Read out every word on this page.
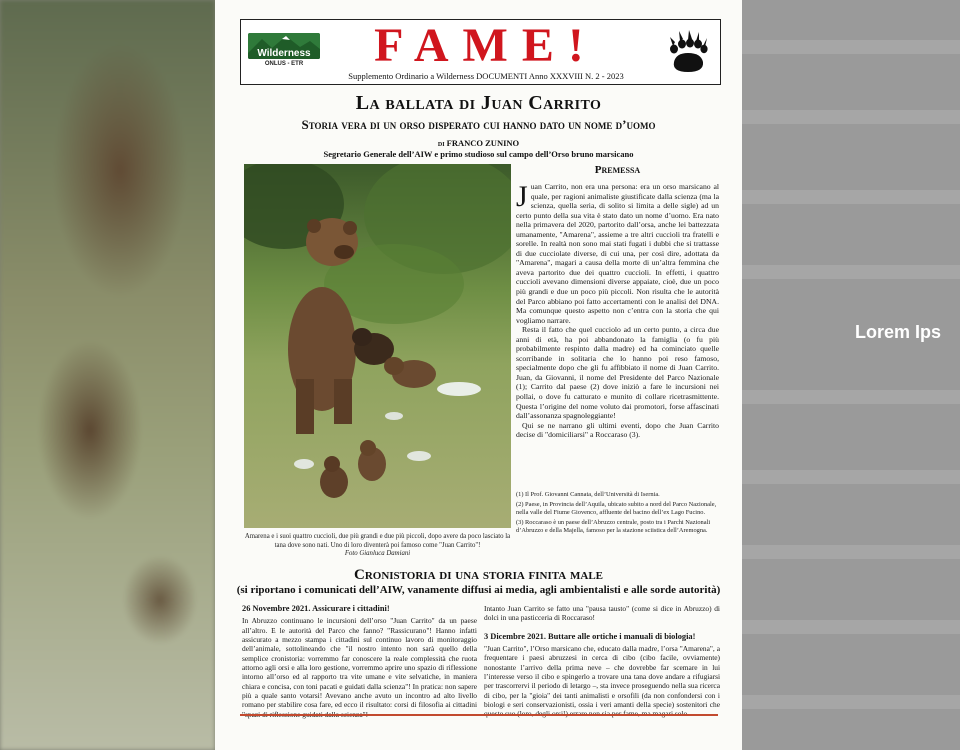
Lorem Ips
Wilderness
ONLUS - ETR	FAME!
Supplemento Ordinario a Wilderness DOCUMENTI Anno XXXVIII N. 2 - 2023
La ballata di Juan Carrito
Storia vera di un orso disperato cui hanno dato un nome d’uomo
di FRANCO ZUNINO
Segretario Generale dell’AIW e primo studioso sul campo dell’Orso bruno marsicano
Amarena e i suoi quattro cuccioli, due più grandi e due più piccoli, dopo avere da poco lasciato la tana dove sono nati. Uno di loro diventerà poi famoso come "Juan Carrito"!
Foto Gianluca Damiani
Premessa

Juan Carrito, non era una persona: era un orso marsicano al quale, per ragioni animaliste giustificate dalla scienza (ma la scienza, quella seria, di solito si limita a delle sigle) ad un certo punto della sua vita è stato dato un nome d’uomo. Era nato nella primavera del 2020, partorito dall’orsa, anche lei battezzata umanamente, "Amarena", assieme a tre altri cuccioli tra fratelli e sorelle. In realtà non sono mai stati fugati i dubbi che si trattasse di due cucciolate diverse, di cui una, per così dire, adottata da "Amarena", magari a causa della morte di un’altra femmina che aveva partorito due dei quattro cuccioli. In effetti, i quattro cuccioli avevano dimensioni diverse appaiate, cioè, due un poco più grandi e due un poco più piccoli. Non risulta che le autorità del Parco abbiano poi fatto accertamenti con le analisi del DNA. Ma comunque questo aspetto non c’entra con la storia che qui vogliamo narrare.

Resta il fatto che quel cucciolo ad un certo punto, a circa due anni di età, ha poi abbandonato la famiglia (o fu più probabilmente respinto dalla madre) ed ha cominciato quelle scorribande in solitaria che lo hanno poi reso famoso, specialmente dopo che gli fu affibbiato il nome di Juan Carrito. Juan, da Giovanni, il nome del Presidente del Parco Nazionale (1); Carrito dal paese (2) dove iniziò a fare le incursioni nei pollai, o dove fu catturato e munito di collare ricetrasmittente. Questa l’origine del nome voluto dai promotori, forse affascinati dall’assonanza spagnoleggiante!

Qui se ne narrano gli ultimi eventi, dopo che Juan Carrito decise di "domiciliarsi" a Roccaraso (3).

(1) Il Prof. Giovanni Cannata, dell’Università di Isernia.
(2) Paese, in Provincia dell’Aquila, ubicato subito a nord del Parco Nazionale, nella valle del Fiume Giovenco, affluente del bacino dell’ex Lago Fucino.
(3) Roccaraso è un paese dell’Abruzzo centrale, posto tra i Parchi Nazionali d’Abruzzo e della Majella, famoso per la stazione sciistica dell’Aremogna.
Cronistoria di una storia finita male
(si riportano i comunicati dell’AIW, vanamente diffusi ai media, agli ambientalisti e alle sorde autorità)
26 Novembre 2021. Assicurare i cittadini!

In Abruzzo continuano le incursioni dell’orso "Juan Carrito" da un paese all’altro. E le autorità del Parco che fanno? "Rassicurano"! Hanno infatti assicurato a mezzo stampa i cittadini sul continuo lavoro di monitoraggio dell’animale, sottolineando che "il nostro intento non sarà quello della semplice cronistoria: vorremmo far conoscere la reale complessità che ruota attorno agli orsi e alla loro gestione, vorremmo aprire uno spazio di riflessione intorno all’orso ed al rapporto tra vite umane e vite selvatiche, in maniera chiara e concisa, con toni pacati e guidati dalla scienza"! In pratica: non sapere più a quale santo votarsi! Avevano anche avuto un incontro ad alto livello romano per stabilire cosa fare, ed ecco il risultato: corsi di filosofia ai cittadini

Intanto Juan Carrito se fatto una "pausa tausto" (come si dice in Abruzzo) di dolci in una pasticceria di Roccaraso!

3 Dicembre 2021. Buttare alle ortiche i manuali di biologia!

"Juan Carrito", l’Orso marsicano che, educato dalla madre, l’orsa "Amarena", a frequentare i paesi abruzzesi in cerca di cibo (cibo facile, ovviamente) nonostante l’arrivo della prima neve – che dovrebbe far scemare in lui l’interesse verso il cibo e spingerlo a trovare una tana dove andare a rifugiarsi per trascorrervi il periodo di letargo –, sta invece proseguendo nella sua ricerca di cibo, per la "gioia" dei tanti animalisti e orsofili (da non confondersi con i biologi e seri conservazionisti, ossia i veri amanti della specie) sostenitori che
